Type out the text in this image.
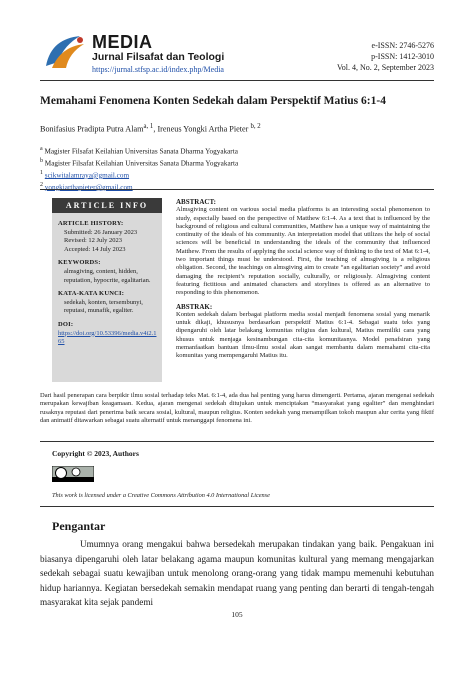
MEDIA
Jurnal Filsafat dan Teologi
https://jurnal.stfsp.ac.id/index.php/Media
e-ISSN: 2746-5276
p-ISSN: 1412-3010
Vol. 4, No. 2, September 2023
Memahami Fenomena Konten Sedekah dalam Perspektif Matius 6:1-4
Bonifasius Pradipta Putra Alam$^{a, 1}$, Ireneus Yongki Artha Pieter $^{b, 2}$
$^a$ Magister Filsafat Keilahian Universitas Sanata Dharma Yogyakarta
$^b$ Magister Filsafat Keilahian Universitas Sanata Dharma Yogyakarta
$^1$ scikwitalamraya@gmail.com
$^2$ yongkiarthapieter@gmail.com
ARTICLE INFO
ARTICLE HISTORY:
Submitted: 26 January 2023
Revised: 12 July 2023
Accepted: 14 July 2023
KEYWORDS:
almsgiving, content, hidden, reputation, hypocrite, egalitarian.
KATA-KATA KUNCI:
sedekah, konten, tersembunyi, reputasi, munafik, egaliter.
DOI:
https://doi.org/10.53396/media.v4i2.165
ABSTRACT:
Almsgiving content on various social media platforms is an interesting social phenomenon to study, especially based on the perspective of Matthew 6:1-4. As a text that is influenced by the background of religious and cultural communities, Matthew has a unique way of maintaining the continuity of the ideals of his community. An interpretation model that utilizes the help of social sciences will be beneficial in understanding the ideals of the community that influenced Matthew. From the results of applying the social science way of thinking to the text of Mat 6:1-4, two important things must be understood. First, the teaching of almsgiving is a religious obligation. Second, the teachings on almsgiving aim to create “an egalitarian society” and avoid damaging the recipient’s reputation socially, culturally, or religiously. Almsgiving content featuring fictitious and animated characters and storylines is offered as an alternative to responding to this phenomenon.
ABSTRAK:
Konten sedekah dalam berbagai platform media sosial menjadi fenomena sosial yang menarik untuk dikaji, khususnya berdasarkan perspektif Matius 6:1-4. Sebagai suatu teks yang dipengaruhi oleh latar belakang komunitas religius dan kultural, Matius memiliki cara yang khusus untuk menjaga kesinambungan cita-cita komunitasnya. Model penafsiran yang memanfaatkan bantuan ilmu-ilmu sosial akan sangat membantu dalam memahami cita-cita komunitas yang mempengaruhi Matius itu.
Dari hasil penerapan cara berpikir ilmu sosial terhadap teks Mat. 6:1-4, ada dua hal penting yang harus dimengerti. Pertama, ajaran mengenai sedekah merupakan kewajiban keagamaan. Kedua, ajaran mengenai sedekah ditujukan untuk menciptakan “masyarakat yang egaliter” dan menghindari rusaknya reputasi dari penerima baik secara sosial, kultural, maupun religius. Konten sedekah yang menampilkan tokoh maupun alur cerita yang fiktif dan animatif ditawarkan sebagai suatu alternatif untuk menanggapi fenomena ini.
Copyright © 2023, Authors
This work is licensed under a Creative Commons Attribution 4.0 International License
Pengantar

Umumnya orang mengakui bahwa bersedekah merupakan tindakan yang baik. Pengakuan ini biasanya dipengaruhi oleh latar belakang agama maupun komunitas kultural yang memang mengajarkan sedekah sebagai suatu kewajiban untuk menolong orang-orang yang tidak mampu memenuhi kebutuhan hidup hariannya. Kegiatan bersedekah semakin mendapat ruang yang penting dan berarti di tengah-tengah masyarakat kita sejak pandemi

105
